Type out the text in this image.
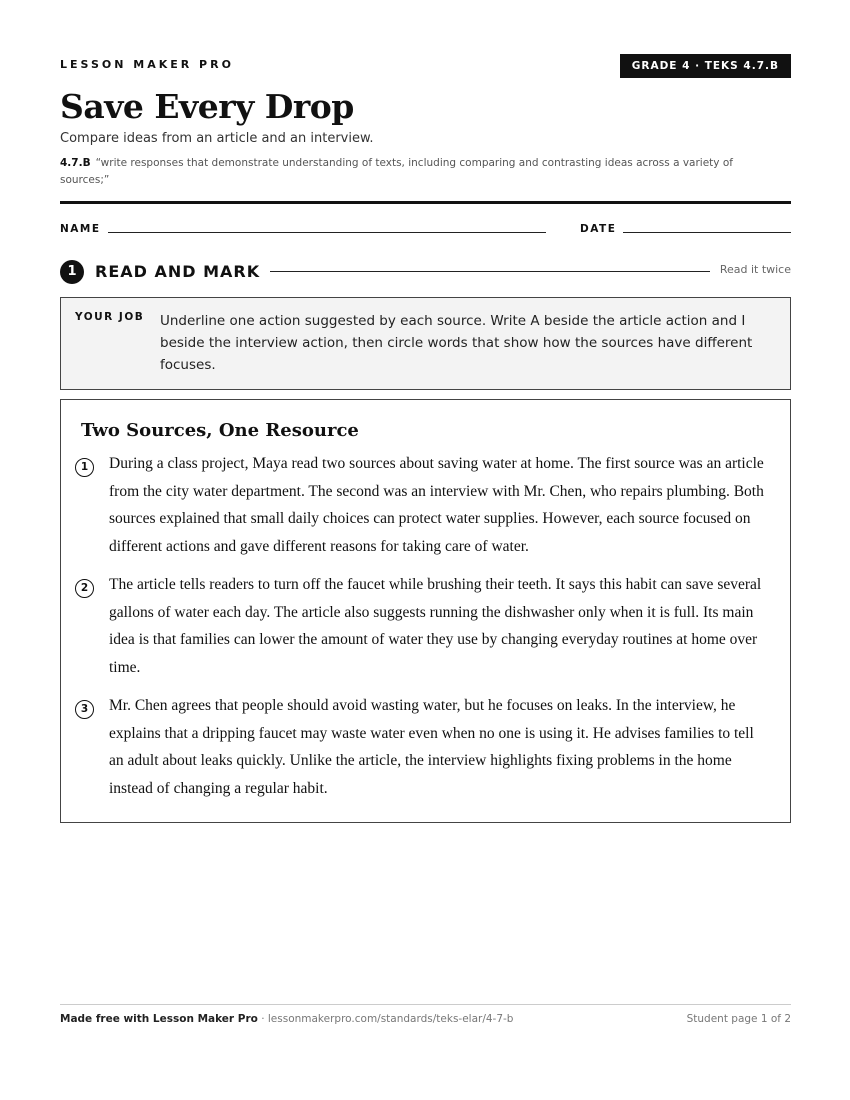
LESSON MAKER PRO	GRADE 4 · TEKS 4.7.B
Save Every Drop
Compare ideas from an article and an interview.
4.7.B “write responses that demonstrate understanding of texts, including comparing and contrasting ideas across a variety of sources;”
NAME	DATE
1	READ AND MARK	Read it twice
YOUR JOB Underline one action suggested by each source. Write A beside the article action and I beside the interview action, then circle words that show how the sources have different focuses.
Two Sources, One Resource
1	During a class project, Maya read two sources about saving water at home. The first source was an article from the city water department. The second was an interview with Mr. Chen, who repairs plumbing. Both sources explained that small daily choices can protect water supplies. However, each source focused on different actions and gave different reasons for taking care of water.
2	The article tells readers to turn off the faucet while brushing their teeth. It says this habit can save several gallons of water each day. The article also suggests running the dishwasher only when it is full. Its main idea is that families can lower the amount of water they use by changing everyday routines at home over time.
3	Mr. Chen agrees that people should avoid wasting water, but he focuses on leaks. In the interview, he explains that a dripping faucet may waste water even when no one is using it. He advises families to tell an adult about leaks quickly. Unlike the article, the interview highlights fixing problems in the home instead of changing a regular habit.
Made free with Lesson Maker Pro · lessonmakerpro.com/standards/teks-elar/4-7-b	Student page 1 of 2
